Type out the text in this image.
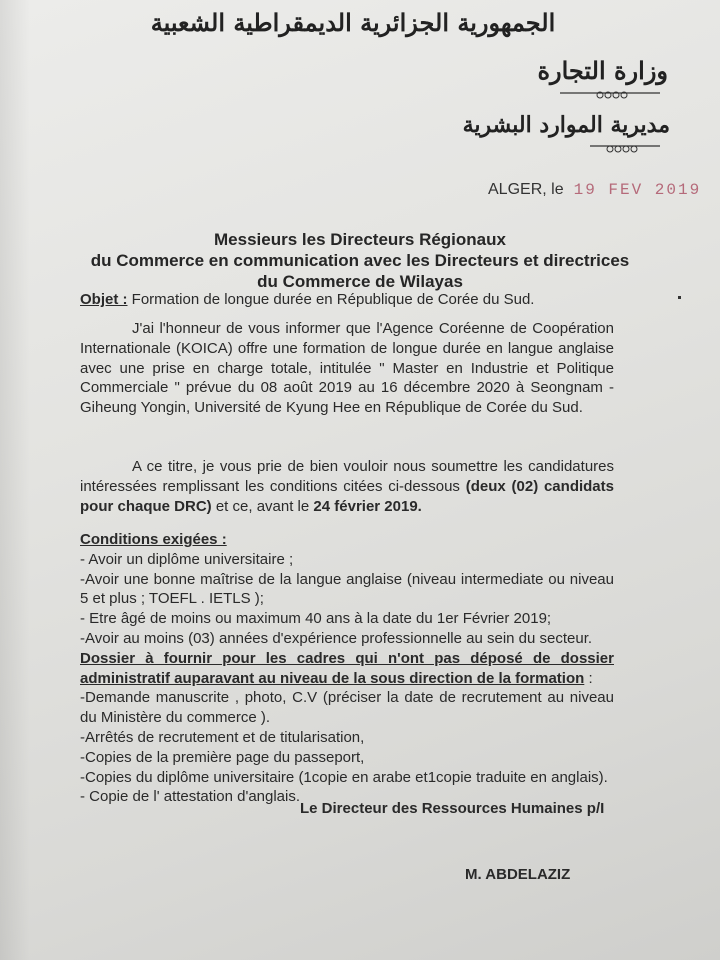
الجمهورية الجزائرية الديمقراطية الشعبية
وزارة التجارة
مديرية الموارد البشرية
ALGER, le 19 FEV 2019
Messieurs les Directeurs Régionaux
du Commerce en communication avec les Directeurs et directrices
du Commerce de Wilayas
Objet : Formation de longue durée en République de Corée du Sud.
J'ai l'honneur de vous informer que l'Agence Coréenne de Coopération Internationale (KOICA) offre une formation de longue durée en langue anglaise avec une prise en charge totale, intitulée " Master en Industrie et Politique Commerciale " prévue du 08 août 2019 au 16 décembre 2020 à Seongnam - Giheung Yongin, Université de Kyung Hee en République de Corée du Sud.
A ce titre, je vous prie de bien vouloir nous soumettre les candidatures intéressées remplissant les conditions citées ci-dessous (deux (02) candidats pour chaque DRC) et ce, avant le 24 février 2019.
Conditions exigées :
- Avoir un diplôme universitaire ;
-Avoir une bonne maîtrise de la langue anglaise (niveau intermediate ou niveau 5 et plus ; TOEFL . IETLS );
- Etre âgé de moins ou maximum 40 ans à la date du 1er Février 2019;
-Avoir au moins (03) années d'expérience professionnelle au sein du secteur.
Dossier à fournir pour les cadres qui n'ont pas déposé de dossier administratif auparavant au niveau de la sous direction de la formation :
-Demande manuscrite , photo, C.V (préciser la date de recrutement au niveau du Ministère du commerce ).
-Arrêtés de recrutement et de titularisation,
-Copies de la première page du passeport,
-Copies du diplôme universitaire (1copie en arabe et1copie traduite en anglais).
- Copie de l' attestation d'anglais.
Le Directeur des Ressources Humaines p/I
M. ABDELAZIZ
